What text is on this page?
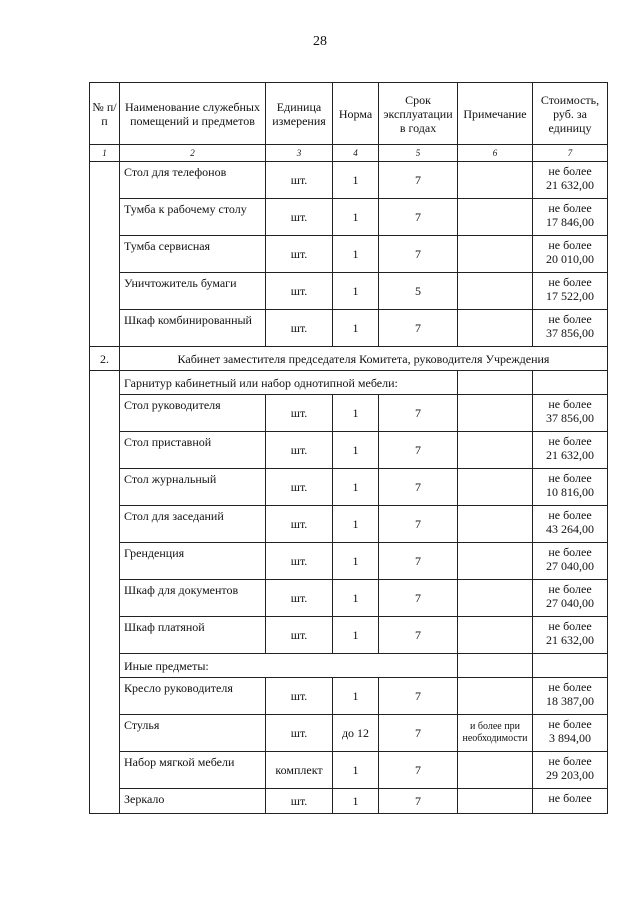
28
№ п/п	Наименование служебных помещений и предметов	Единица измерения	Норма	Срок эксплуатации в годах	Примечание	Стоимость, руб. за единицу
1	2	3	4	5	6	7
	Стол для телефонов	шт.	1	7		не более
21 632,00

	Тумба к рабочему столу	шт.	1	7		не более
17 846,00

	Тумба сервисная	шт.	1	7		не более
20 010,00

	Уничтожитель бумаги	шт.	1	5		не более
17 522,00

	Шкаф комбинированный	шт.	1	7		не более
37 856,00

2.	Кабинет заместителя председателя Комитета, руководителя Учреждения					
	Гарнитур кабинетный или набор однотипной мебели:					
	Стол руководителя	шт.	1	7		не более
37 856,00

	Стол приставной	шт.	1	7		не более
21 632,00

	Стол журнальный	шт.	1	7		не более
10 816,00

	Стол для заседаний	шт.	1	7		не более
43 264,00

	Гренденция	шт.	1	7		не более
27 040,00

	Шкаф для документов	шт.	1	7		не более
27 040,00

	Шкаф платяной	шт.	1	7		не более
21 632,00

	Иные предметы:					
	Кресло руководителя	шт.	1	7		не более
18 387,00

	Стулья	шт.	до 12	7	и более при необходимости	не более
3 894,00

	Набор мягкой мебели	комплект	1	7		не более
29 203,00

	Зеркало	шт.	1	7		не более
